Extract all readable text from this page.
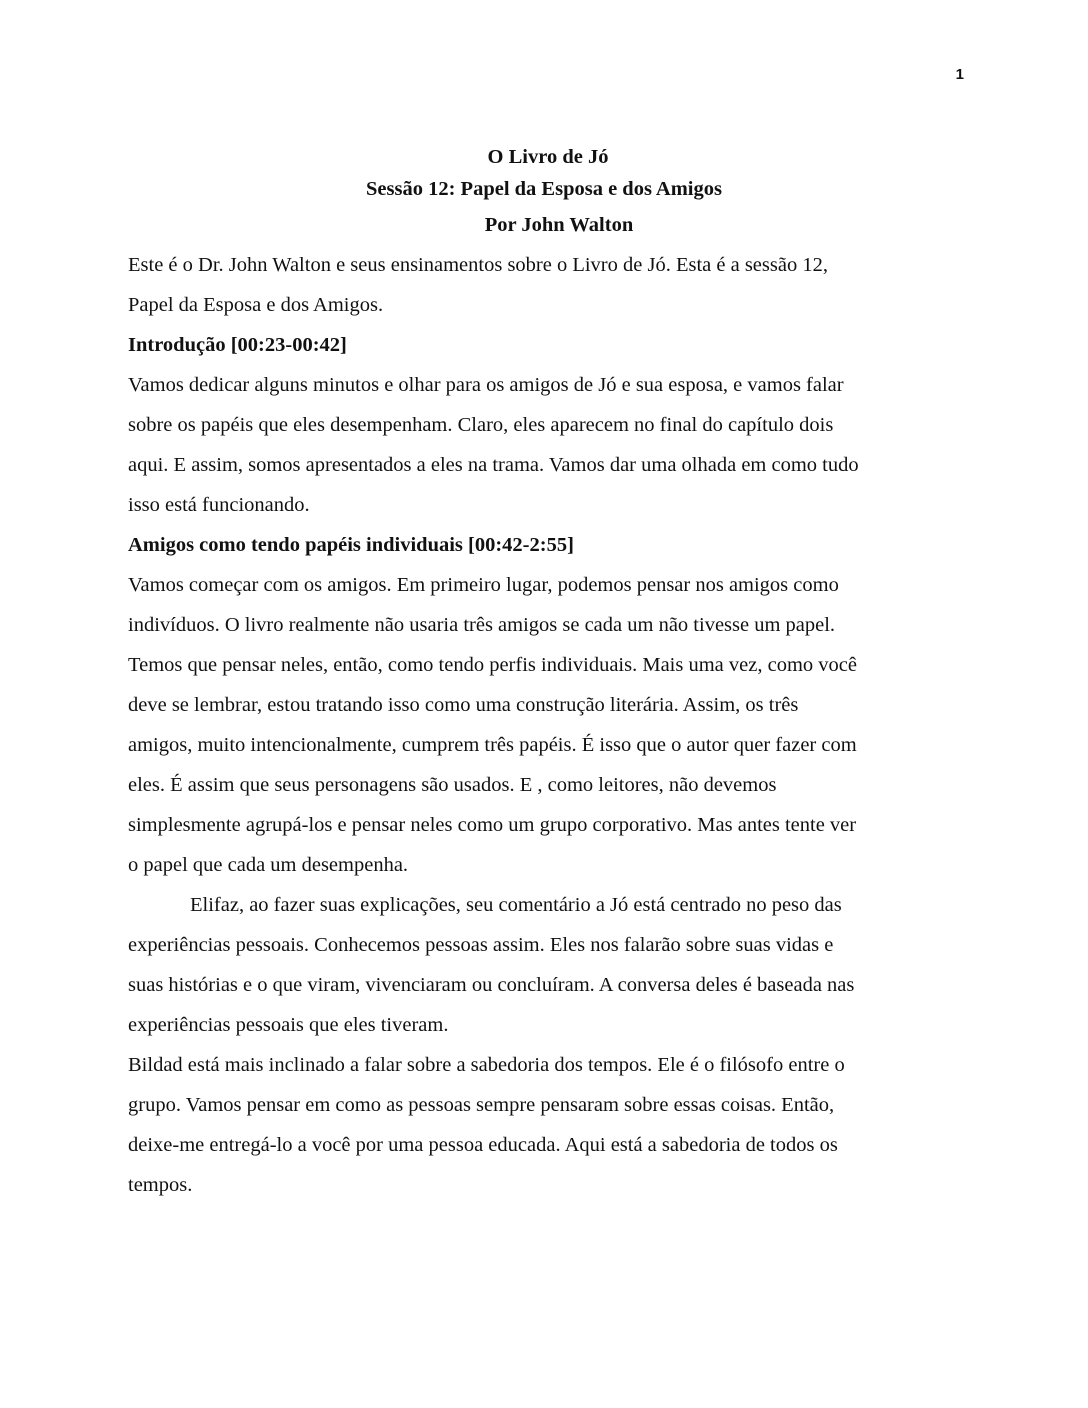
1
O Livro de Jó
Sessão 12: Papel da Esposa e dos Amigos
Por John Walton
Este é o Dr. John Walton e seus ensinamentos sobre o Livro de Jó. Esta é a sessão 12,
Papel da Esposa e dos Amigos.
Introdução [00:23-00:42]
Vamos dedicar alguns minutos e olhar para os amigos de Jó e sua esposa, e vamos falar
sobre os papéis que eles desempenham. Claro, eles aparecem no final do capítulo dois
aqui. E assim, somos apresentados a eles na trama. Vamos dar uma olhada em como tudo
isso está funcionando.
Amigos como tendo papéis individuais [00:42-2:55]
Vamos começar com os amigos. Em primeiro lugar, podemos pensar nos amigos como
indivíduos. O livro realmente não usaria três amigos se cada um não tivesse um papel.
Temos que pensar neles, então, como tendo perfis individuais. Mais uma vez, como você
deve se lembrar, estou tratando isso como uma construção literária. Assim, os três
amigos, muito intencionalmente, cumprem três papéis. É isso que o autor quer fazer com
eles. É assim que seus personagens são usados. E , como leitores, não devemos
simplesmente agrupá-los e pensar neles como um grupo corporativo. Mas antes tente ver
o papel que cada um desempenha.
Elifaz, ao fazer suas explicações, seu comentário a Jó está centrado no peso das
experiências pessoais. Conhecemos pessoas assim. Eles nos falarão sobre suas vidas e
suas histórias e o que viram, vivenciaram ou concluíram. A conversa deles é baseada nas
experiências pessoais que eles tiveram.
Bildad está mais inclinado a falar sobre a sabedoria dos tempos. Ele é o filósofo entre o
grupo. Vamos pensar em como as pessoas sempre pensaram sobre essas coisas. Então,
deixe-me entregá-lo a você por uma pessoa educada. Aqui está a sabedoria de todos os
tempos.
